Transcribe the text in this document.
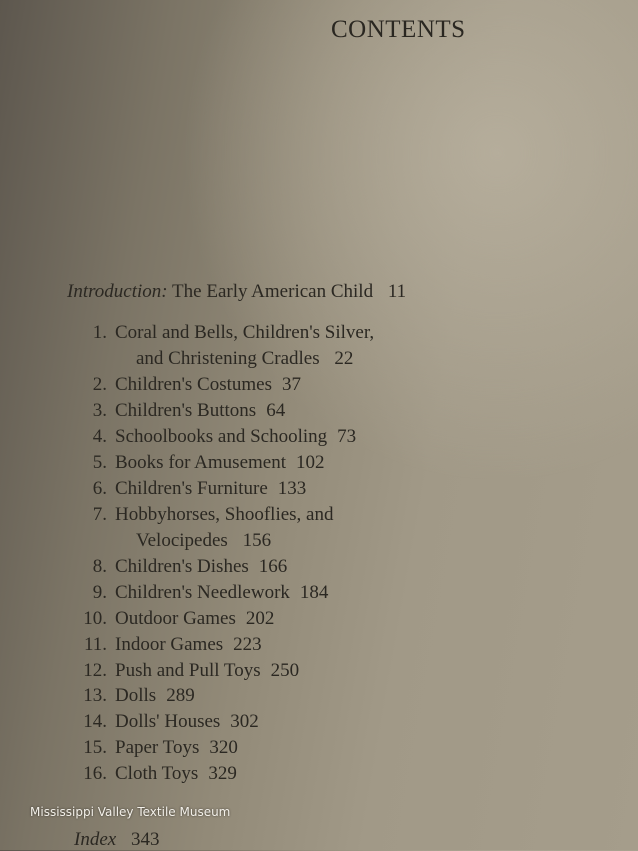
CONTENTS
Introduction: The Early American Child 11
1. Coral and Bells, Children's Silver,
and Christening Cradles 22
2. Children's Costumes 37
3. Children's Buttons 64
4. Schoolbooks and Schooling 73
5. Books for Amusement 102
6. Children's Furniture 133
7. Hobbyhorses, Shooflies, and
Velocipedes 156
8. Children's Dishes 166
9. Children's Needlework 184
10. Outdoor Games 202
11. Indoor Games 223
12. Push and Pull Toys 250
13. Dolls 289
14. Dolls' Houses 302
15. Paper Toys 320
16. Cloth Toys 329
Index 343
Mississippi Valley Textile Museum
